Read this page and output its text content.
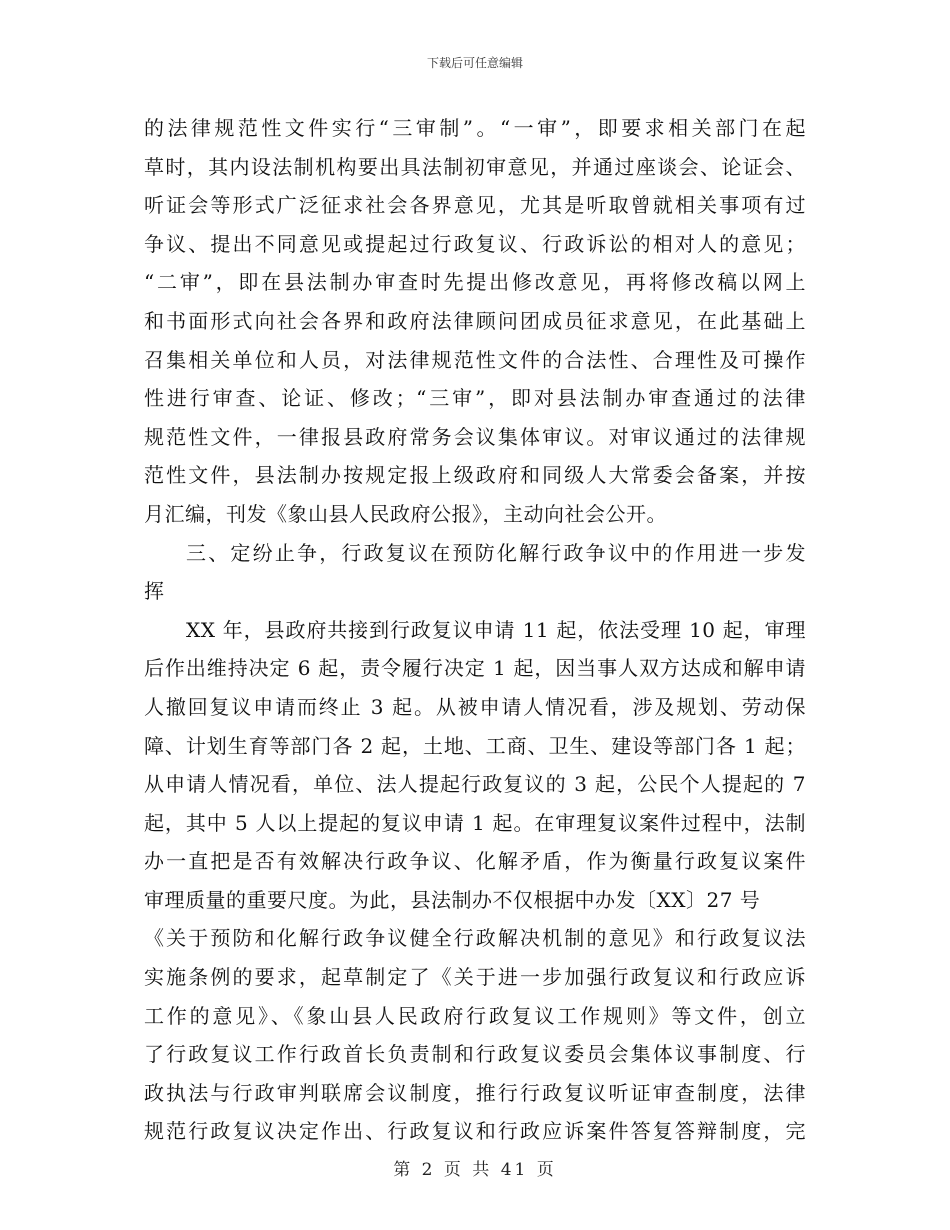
下载后可任意编辑
的法律规范性文件实行“三审制”。“一审”，即要求相关部门在起
草时，其内设法制机构要出具法制初审意见，并通过座谈会、论证会、
听证会等形式广泛征求社会各界意见，尤其是听取曾就相关事项有过
争议、提出不同意见或提起过行政复议、行政诉讼的相对人的意见；
“二审”，即在县法制办审查时先提出修改意见，再将修改稿以网上
和书面形式向社会各界和政府法律顾问团成员征求意见，在此基础上
召集相关单位和人员，对法律规范性文件的合法性、合理性及可操作
性进行审查、论证、修改；“三审”，即对县法制办审查通过的法律
规范性文件，一律报县政府常务会议集体审议。对审议通过的法律规
范性文件，县法制办按规定报上级政府和同级人大常委会备案，并按
月汇编，刊发《象山县人民政府公报》，主动向社会公开。
三、定纷止争，行政复议在预防化解行政争议中的作用进一步发
挥
XX 年，县政府共接到行政复议申请 11 起，依法受理 10 起，审理
后作出维持决定 6 起，责令履行决定 1 起，因当事人双方达成和解申请
人撤回复议申请而终止 3 起。从被申请人情况看，涉及规划、劳动保
障、计划生育等部门各 2 起，土地、工商、卫生、建设等部门各 1 起；
从申请人情况看，单位、法人提起行政复议的 3 起，公民个人提起的 7
起，其中 5 人以上提起的复议申请 1 起。在审理复议案件过程中，法制
办一直把是否有效解决行政争议、化解矛盾，作为衡量行政复议案件
审理质量的重要尺度。为此，县法制办不仅根据中办发〔XX〕27 号
《关于预防和化解行政争议健全行政解决机制的意见》和行政复议法
实施条例的要求，起草制定了《关于进一步加强行政复议和行政应诉
工作的意见》、《象山县人民政府行政复议工作规则》等文件，创立
了行政复议工作行政首长负责制和行政复议委员会集体议事制度、行
政执法与行政审判联席会议制度，推行行政复议听证审查制度，法律
规范行政复议决定作出、行政复议和行政应诉案件答复答辩制度，完
第 2 页 共 41 页
